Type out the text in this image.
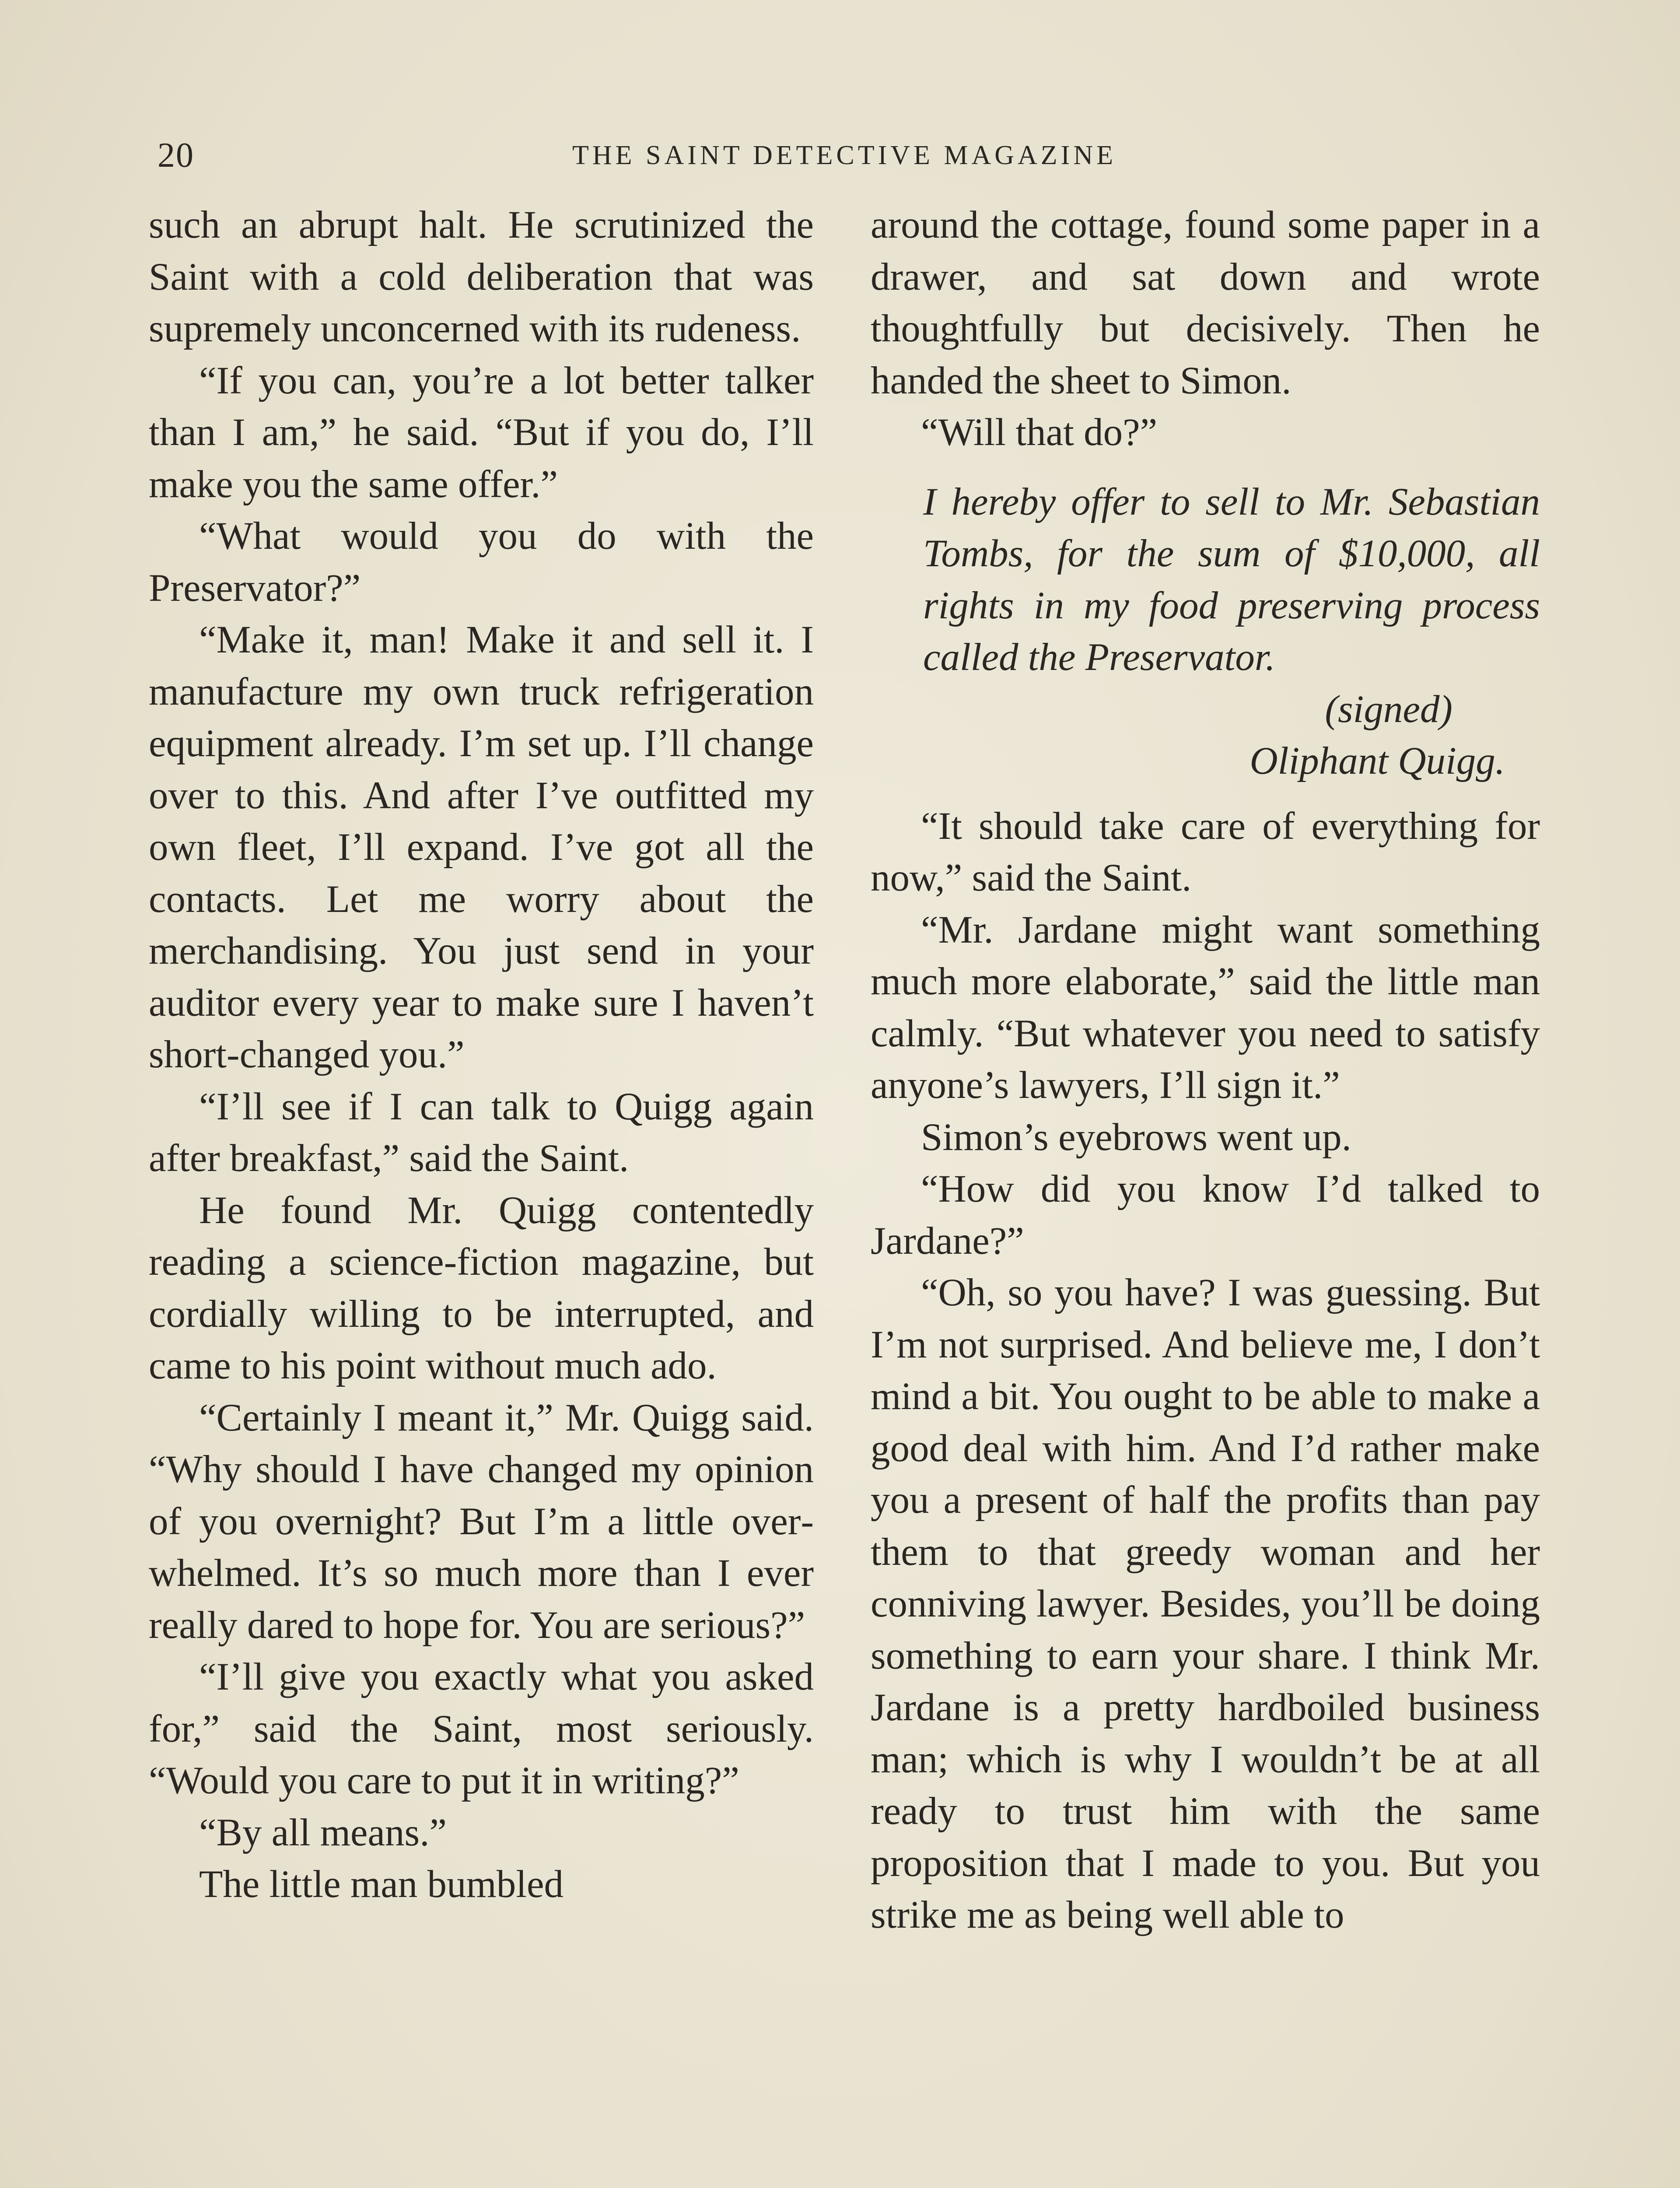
20	THE SAINT DETECTIVE MAGAZINE

such an abrupt halt. He scrutinized the Saint with a cold deliberation that was supremely unconcerned with its rudeness.

“If you can, you’re a lot better talker than I am,” he said. “But if you do, I’ll make you the same offer.”

“What would you do with the Preservator?”

“Make it, man! Make it and sell it. I manufacture my own truck refrigeration equipment already. I’m set up. I’ll change over to this. And after I’ve outfitted my own fleet, I’ll expand. I’ve got all the contacts. Let me worry about the merchandising. You just send in your auditor every year to make sure I haven’t short-changed you.”

“I’ll see if I can talk to Quigg again after breakfast,” said the Saint.

He found Mr. Quigg contentedly reading a science-fiction magazine, but cordially willing to be interrupted, and came to his point without much ado.

“Certainly I meant it,” Mr. Quigg said. “Why should I have changed my opinion of you overnight? But I’m a little overwhelmed. It’s so much more than I ever really dared to hope for. You are serious?”

“I’ll give you exactly what you asked for,” said the Saint, most seriously. “Would you care to put it in writing?”

“By all means.”

The little man bumbled

around the cottage, found some paper in a drawer, and sat down and wrote thoughtfully but decisively. Then he handed the sheet to Simon.

“Will that do?”

I hereby offer to sell to Mr. Sebastian Tombs, for the sum of $10,000, all rights in my food preserving process called the Preservator.

(signed)
Oliphant Quigg.

“It should take care of everything for now,” said the Saint.

“Mr. Jardane might want something much more elaborate,” said the little man calmly. “But whatever you need to satisfy anyone’s lawyers, I’ll sign it.”

Simon’s eyebrows went up.

“How did you know I’d talked to Jardane?”

“Oh, so you have? I was guessing. But I’m not surprised. And believe me, I don’t mind a bit. You ought to be able to make a good deal with him. And I’d rather make you a present of half the profits than pay them to that greedy woman and her conniving lawyer. Besides, you’ll be doing something to earn your share. I think Mr. Jardane is a pretty hardboiled business man; which is why I wouldn’t be at all ready to trust him with the same proposition that I made to you. But you strike me as being well able to
